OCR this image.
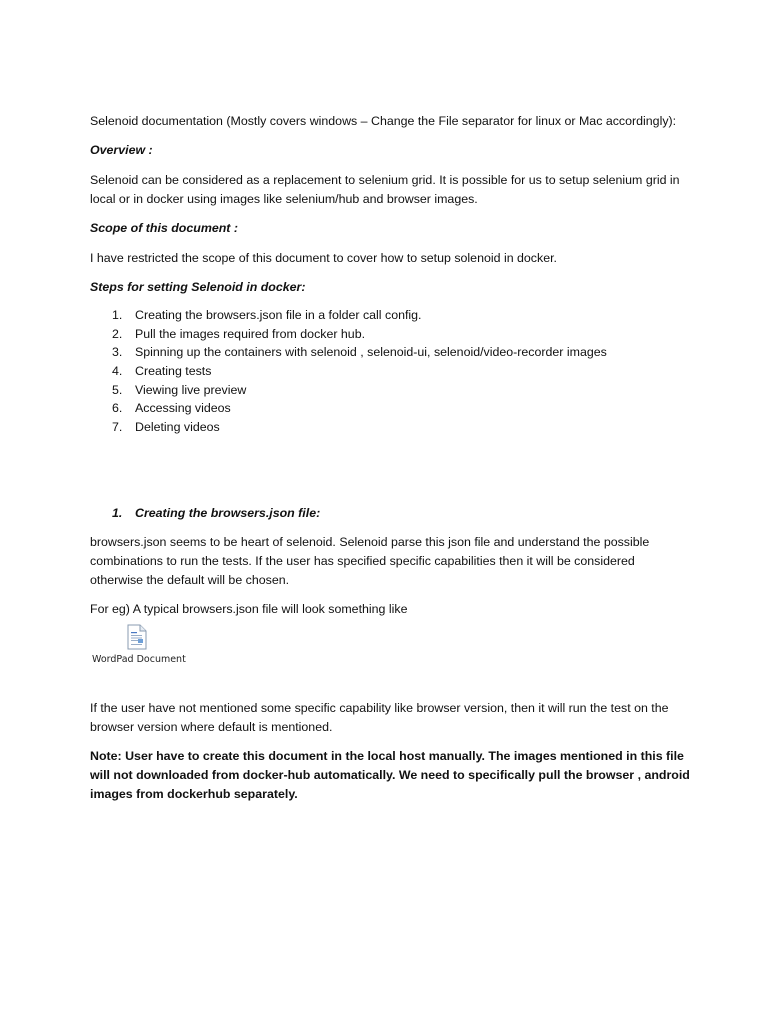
Selenoid documentation (Mostly covers windows – Change the File separator for linux or Mac accordingly):

Overview :

Selenoid can be considered as a replacement to selenium grid. It is possible for us to setup selenium grid in local or in docker using images like selenium/hub and browser images.

Scope of this document :

I have restricted the scope of this document to cover how to setup solenoid in docker.

Steps for setting Selenoid in docker:

1. Creating the browsers.json file in a folder call config.
2. Pull the images required from docker hub.
3. Spinning up the containers with selenoid , selenoid-ui, selenoid/video-recorder images
4. Creating tests
5. Viewing live preview
6. Accessing videos
7. Deleting videos

1. Creating the browsers.json file:

browsers.json seems to be heart of selenoid. Selenoid parse this json file and understand the possible combinations to run the tests. If the user has specified specific capabilities then it will be considered otherwise the default will be chosen.

For eg) A typical browsers.json file will look something like

WordPad Document

If the user have not mentioned some specific capability like browser version, then it will run the test on the browser version where default is mentioned.

Note: User have to create this document in the local host manually. The images mentioned in this file will not downloaded from docker-hub automatically. We need to specifically pull the browser , android images from dockerhub separately.
